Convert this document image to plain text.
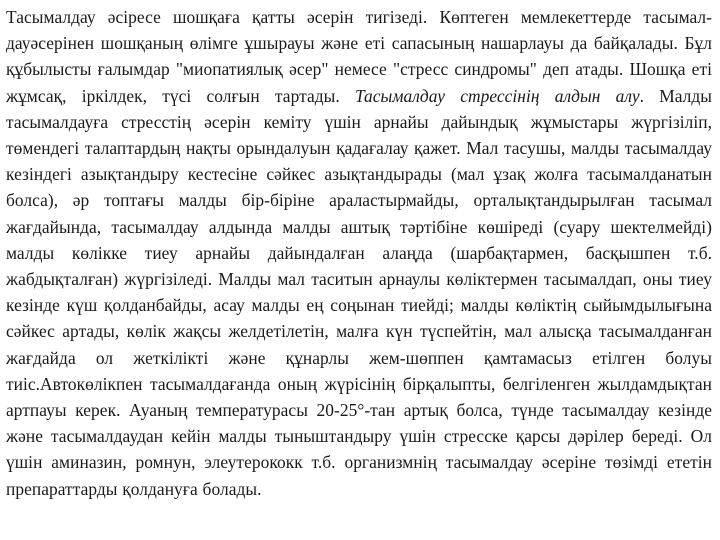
Тасымалдау әсіресе шошқаға қатты әсерін тигізеді. Көптеген мемлекеттерде тасымал-дауәсерінен шошқаның өлімге ұшырауы және еті сапасының нашарлауы да байқалады. Бұл құбылысты ғалымдар "миопатиялық әсер" немесе "стресс синдромы" деп атады. Шошқа еті жұмсақ, іркілдек, түсі солғын тартады. Тасымалдау стрессінің алдын алу. Малды тасымалдауға стресстің әсерін кеміту үшін арнайы дайындық жұмыстары жүргізіліп, төмендегі талаптардың нақты орындалуын қадағалау қажет. Мал тасушы, малды тасымалдау кезіндегі азықтандыру кестесіне сәйкес азықтандырады (мал ұзақ жолға тасымалданатын болса), әр топтағы малды бір-біріне араластырмайды, орталықтандырылған тасымал жағдайында, тасымалдау алдында малды аштық тәртібіне көшіреді (суару шектелмейді) малды көлікке тиеу арнайы дайындалған алаңда (шарбақтармен, басқышпен т.б. жабдықталған) жүргізіледі. Малды мал таситын арнаулы көліктермен тасымалдап, оны тиеу кезінде күш қолданбайды, асау малды ең соңынан тиейді; малды көліктің сыйымдылығына сәйкес артады, көлік жақсы желдетілетін, малға күн түспейтін, мал алысқа тасымалданған жағдайда ол жеткілікті және құнарлы жем-шөппен қамтамасыз етілген болуы тиіс.Автокөлікпен тасымалдағанда оның жүрісінің бірқалыпты, белгіленген жылдамдықтан артпауы керек. Ауаның температурасы 20-25°-тан артық болса, түнде тасымалдау кезінде және тасымалдаудан кейін малды тыныштандыру үшін стресске қарсы дәрілер береді. Ол үшін аминазин, ромнун, элеутерококк т.б. организмнің тасымалдау әсеріне төзімді ететін препараттарды қолдануға болады.
